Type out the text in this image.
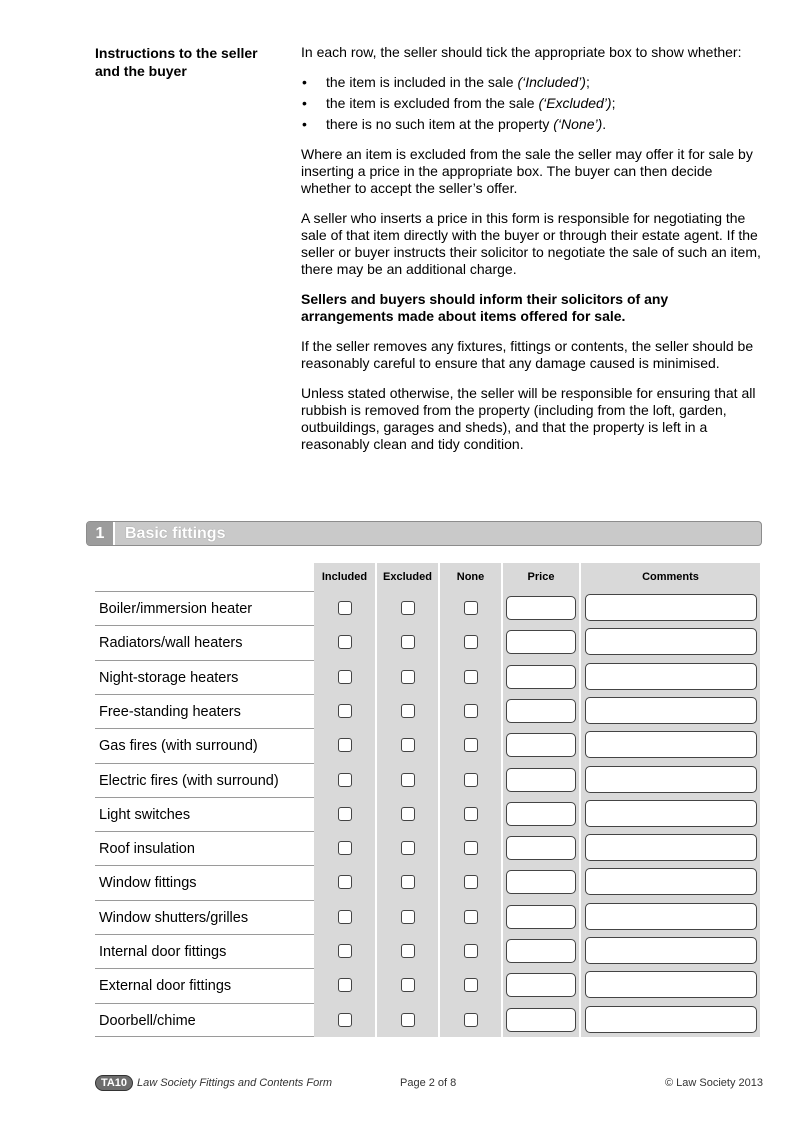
Instructions to the seller and the buyer

In each row, the seller should tick the appropriate box to show whether:

• the item is included in the sale (‘Included’);
• the item is excluded from the sale (‘Excluded’);
• there is no such item at the property (‘None’).

Where an item is excluded from the sale the seller may offer it for sale by inserting a price in the appropriate box. The buyer can then decide whether to accept the seller’s offer.

A seller who inserts a price in this form is responsible for negotiating the sale of that item directly with the buyer or through their estate agent. If the seller or buyer instructs their solicitor to negotiate the sale of such an item, there may be an additional charge.

Sellers and buyers should inform their solicitors of any arrangements made about items offered for sale.

If the seller removes any fixtures, fittings or contents, the seller should be reasonably careful to ensure that any damage caused is minimised.

Unless stated otherwise, the seller will be responsible for ensuring that all rubbish is removed from the property (including from the loft, garden, outbuildings, garages and sheds), and that the property is left in a reasonably clean and tidy condition.

1	Basic fittings
Included	Excluded	None	Price	Comments
Boiler/immersion heater
Radiators/wall heaters
Night-storage heaters
Free-standing heaters
Gas fires (with surround)
Electric fires (with surround)
Light switches
Roof insulation
Window fittings
Window shutters/grilles
Internal door fittings
External door fittings
Doorbell/chime
TA10 Law Society Fittings and Contents Form	Page 2 of 8	© Law Society 2013
